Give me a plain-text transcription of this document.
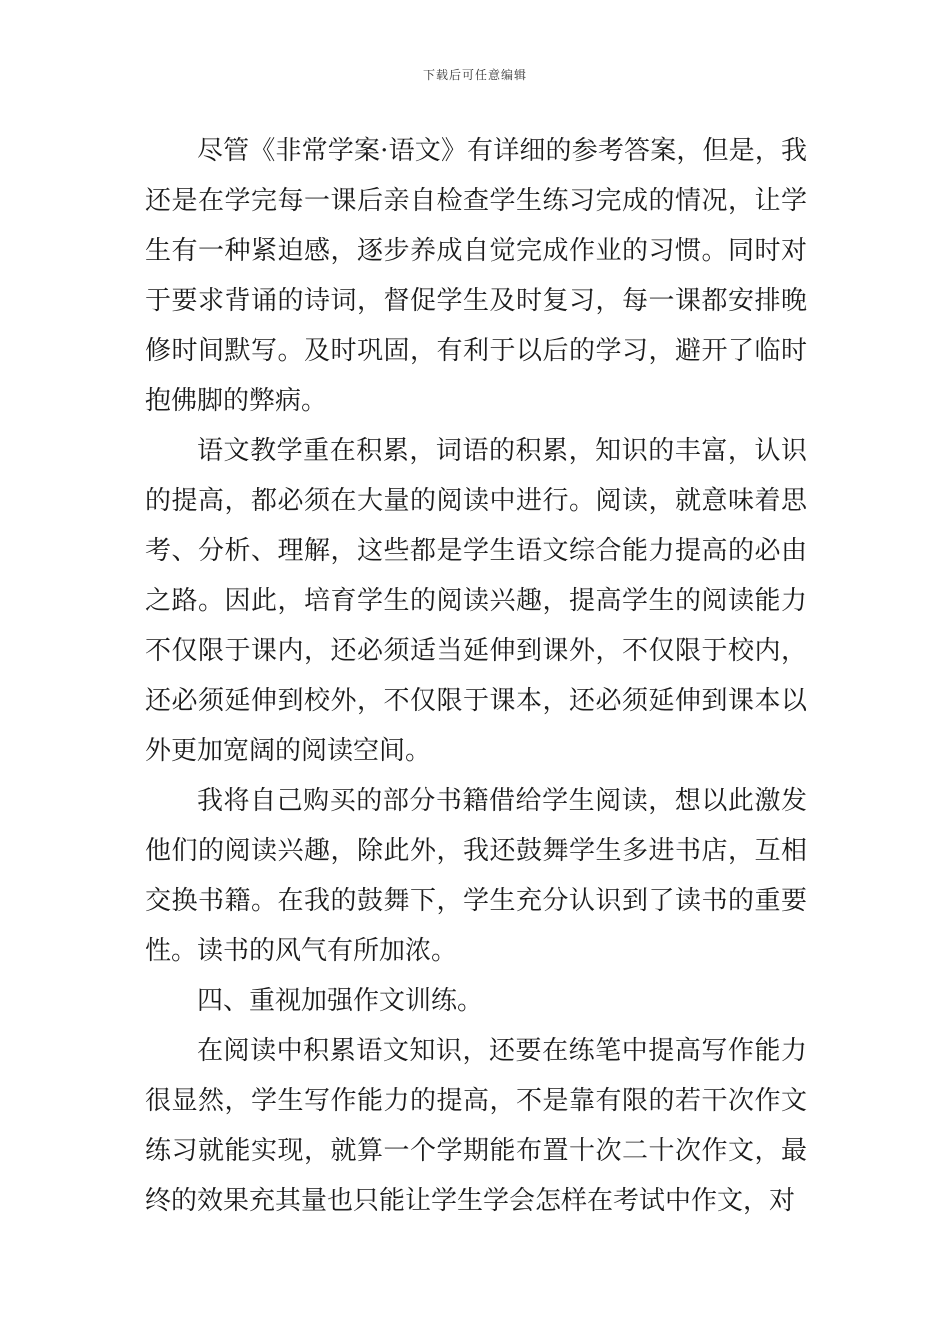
下载后可任意编辑

尽管《非常学案·语文》有详细的参考答案，但是，我还是在学完每一课后亲自检查学生练习完成的情况，让学生有一种紧迫感，逐步养成自觉完成作业的习惯。同时对于要求背诵的诗词，督促学生及时复习，每一课都安排晚修时间默写。及时巩固，有利于以后的学习，避开了临时抱佛脚的弊病。

语文教学重在积累，词语的积累，知识的丰富，认识的提高，都必须在大量的阅读中进行。阅读，就意味着思考、分析、理解，这些都是学生语文综合能力提高的必由之路。因此，培育学生的阅读兴趣，提高学生的阅读能力不仅限于课内，还必须适当延伸到课外，不仅限于校内，还必须延伸到校外，不仅限于课本，还必须延伸到课本以外更加宽阔的阅读空间。

我将自己购买的部分书籍借给学生阅读，想以此激发他们的阅读兴趣，除此外，我还鼓舞学生多进书店，互相交换书籍。在我的鼓舞下，学生充分认识到了读书的重要性。读书的风气有所加浓。

四、重视加强作文训练。

在阅读中积累语文知识，还要在练笔中提高写作能力很显然，学生写作能力的提高，不是靠有限的若干次作文练习就能实现，就算一个学期能布置十次二十次作文，最终的效果充其量也只能让学生学会怎样在考试中作文，对
